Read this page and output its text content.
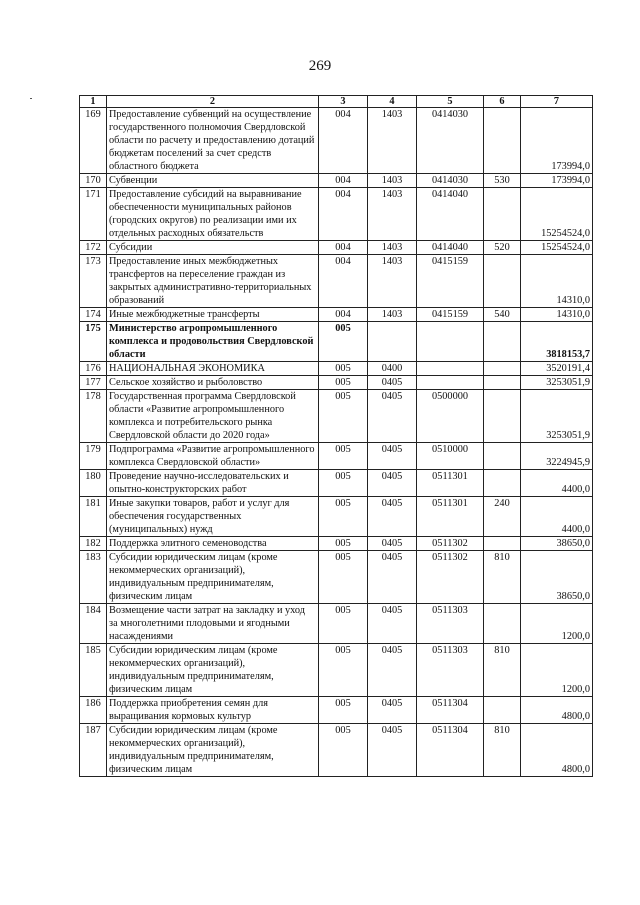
269
1	2	3	4	5	6	7
169	Предоставление субвенций на осуществление государственного полномочия Свердловской области по расчету и предоставлению дотаций бюджетам поселений за счет средств областного бюджета	004	1403	0414030		173994,0
170	Субвенции	004	1403	0414030	530	173994,0
171	Предоставление субсидий на выравнивание обеспеченности муниципальных районов (городских округов) по реализации ими их отдельных расходных обязательств	004	1403	0414040		15254524,0
172	Субсидии	004	1403	0414040	520	15254524,0
173	Предоставление иных межбюджетных трансфертов на переселение граждан из закрытых административно-территориальных образований	004	1403	0415159		14310,0
174	Иные межбюджетные трансферты	004	1403	0415159	540	14310,0
175	Министерство агропромышленного комплекса и продовольствия Свердловской области	005				3818153,7
176	НАЦИОНАЛЬНАЯ ЭКОНОМИКА	005	0400			3520191,4
177	Сельское хозяйство и рыболовство	005	0405			3253051,9
178	Государственная программа Свердловской области «Развитие агропромышленного комплекса и потребительского рынка Свердловской области до 2020 года»	005	0405	0500000		3253051,9
179	Подпрограмма «Развитие агропромышленного комплекса Свердловской области»	005	0405	0510000		3224945,9
180	Проведение научно-исследовательских и опытно-конструкторских работ	005	0405	0511301		4400,0
181	Иные закупки товаров, работ и услуг для обеспечения государственных (муниципальных) нужд	005	0405	0511301	240	4400,0
182	Поддержка элитного семеноводства	005	0405	0511302		38650,0
183	Субсидии юридическим лицам (кроме некоммерческих организаций), индивидуальным предпринимателям, физическим лицам	005	0405	0511302	810	38650,0
184	Возмещение части затрат на закладку и уход за многолетними плодовыми и ягодными насаждениями	005	0405	0511303		1200,0
185	Субсидии юридическим лицам (кроме некоммерческих организаций), индивидуальным предпринимателям, физическим лицам	005	0405	0511303	810	1200,0
186	Поддержка приобретения семян для выращивания кормовых культур	005	0405	0511304		4800,0
187	Субсидии юридическим лицам (кроме некоммерческих организаций), индивидуальным предпринимателям, физическим лицам	005	0405	0511304	810	4800,0
